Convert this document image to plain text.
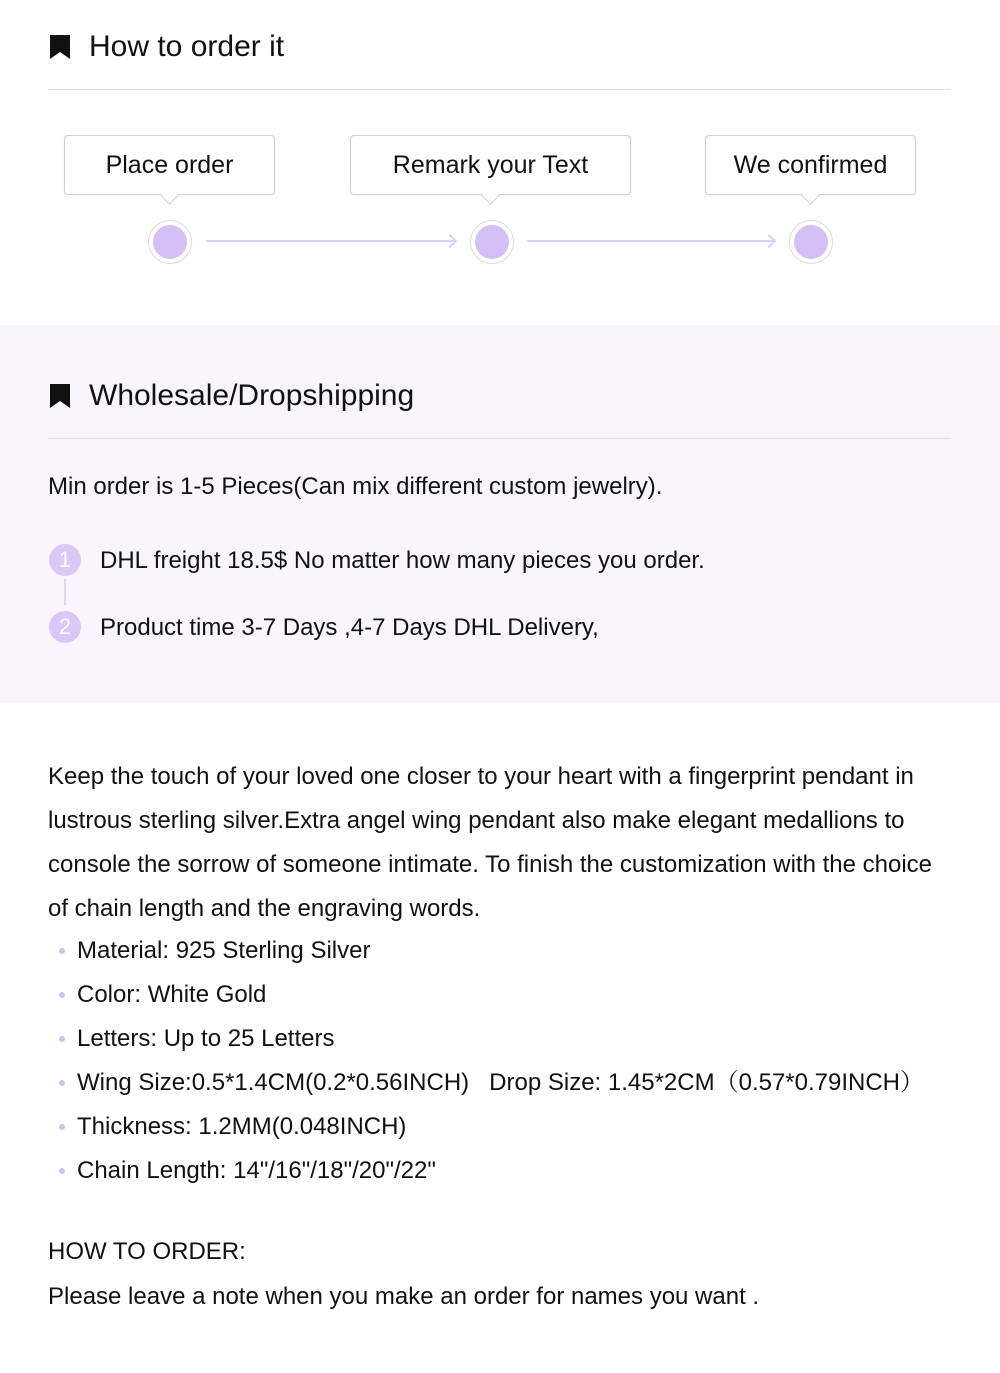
How to order it
Place order	Remark your Text	We confirmed
Wholesale/Dropshipping
Min order is 1-5 Pieces(Can mix different custom jewelry).
1
2
DHL freight 18.5$ No matter how many pieces you order.
Product time 3-7 Days ,4-7 Days DHL Delivery,

Keep the touch of your loved one closer to your heart with a fingerprint pendant in lustrous sterling silver.Extra angel wing pendant also make elegant medallions to console the sorrow of someone intimate. To finish the customization with the choice of chain length and the engraving words.

Material: 925 Sterling Silver
Color: White Gold
Letters: Up to 25 Letters
Wing Size:0.5*1.4CM(0.2*0.56INCH)   Drop Size: 1.45*2CM（0.57*0.79INCH）
Thickness: 1.2MM(0.048INCH)
Chain Length: 14"/16"/18"/20"/22"
HOW TO ORDER:
Please leave a note when you make an order for names you want .
